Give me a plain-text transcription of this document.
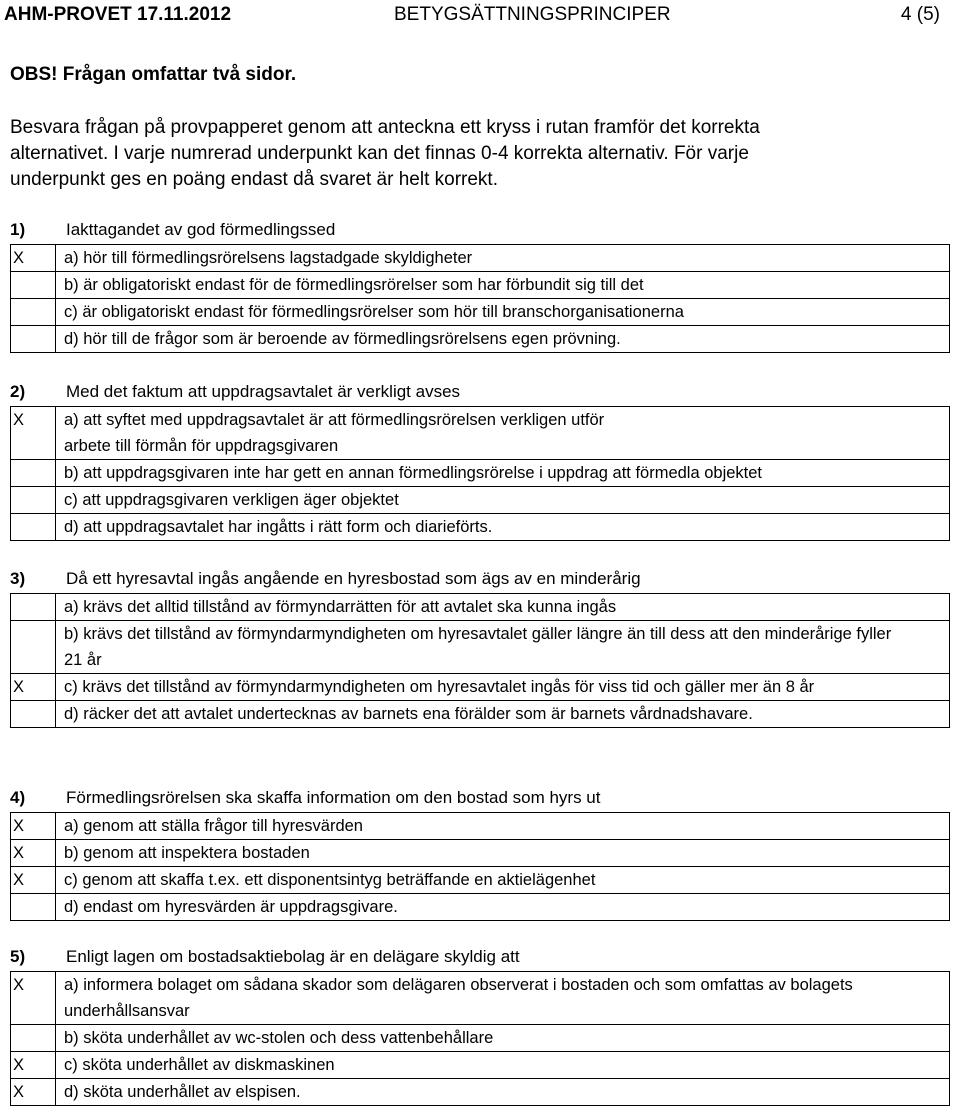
AHM-PROVET 17.11.2012	BETYGSÄTTNINGSPRINCIPER	4 (5)
OBS! Frågan omfattar två sidor.
Besvara frågan på provpapperet genom att anteckna ett kryss i rutan framför det korrekta
alternativet. I varje numrerad underpunkt kan det finnas 0-4 korrekta alternativ. För varje
underpunkt ges en poäng endast då svaret är helt korrekt.
1) Iakttagandet av god förmedlingssed
X	a) hör till förmedlingsrörelsens lagstadgade skyldigheter

	b) är obligatoriskt endast för de förmedlingsrörelser som har förbundit sig till det

	c) är obligatoriskt endast för förmedlingsrörelser som hör till branschorganisationerna

	d) hör till de frågor som är beroende av förmedlingsrörelsens egen prövning.
2) Med det faktum att uppdragsavtalet är verkligt avses
X	a) att syftet med uppdragsavtalet är att förmedlingsrörelsen verkligen utför arbete till förmån för uppdragsgivaren

	b) att uppdragsgivaren inte har gett en annan förmedlingsrörelse i uppdrag att förmedla objektet

	c) att uppdragsgivaren verkligen äger objektet

	d) att uppdragsavtalet har ingåtts i rätt form och diarieförts.
3) Då ett hyresavtal ingås angående en hyresbostad som ägs av en minderårig
	a) krävs det alltid tillstånd av förmyndarrätten för att avtalet ska kunna ingås

	b) krävs det tillstånd av förmyndarmyndigheten om hyresavtalet gäller längre än till dess att den minderårige fyller 21 år

X	c) krävs det tillstånd av förmyndarmyndigheten om hyresavtalet ingås för viss tid och gäller mer än 8 år

	d) räcker det att avtalet undertecknas av barnets ena förälder som är barnets vårdnadshavare.
4) Förmedlingsrörelsen ska skaffa information om den bostad som hyrs ut
X	a) genom att ställa frågor till hyresvärden

X	b) genom att inspektera bostaden

X	c) genom att skaffa t.ex. ett disponentsintyg beträffande en aktielägenhet

	d) endast om hyresvärden är uppdragsgivare.
5) Enligt lagen om bostadsaktiebolag är en delägare skyldig att
X	a) informera bolaget om sådana skador som delägaren observerat i bostaden och som omfattas av bolagets underhållsansvar

	b) sköta underhållet av wc-stolen och dess vattenbehållare

X	c) sköta underhållet av diskmaskinen

X	d) sköta underhållet av elspisen.
